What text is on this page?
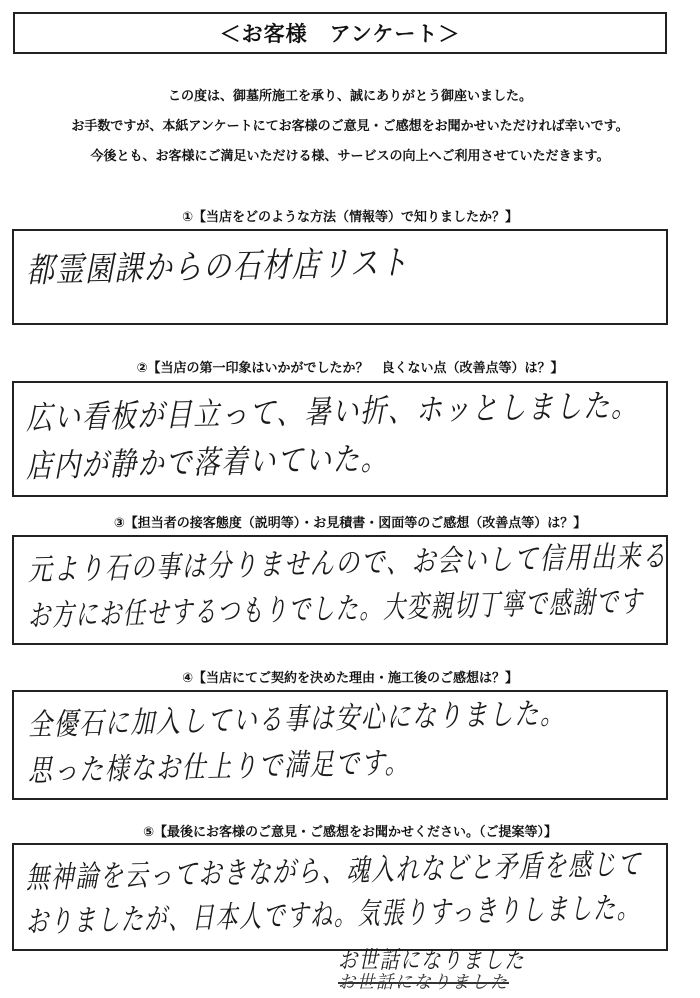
＜お客様　アンケート＞
この度は、御墓所施工を承り、誠にありがとう御座いました。
お手数ですが、本紙アンケートにてお客様のご意見・ご感想をお聞かせいただければ幸いです。
今後とも、お客様にご満足いただける様、サービスの向上へご利用させていただきます。
①【当店をどのような方法（情報等）で知りましたか？】
都霊園課からの石材店リスト
②【当店の第一印象はいかがでしたか？　良くない点（改善点等）は？】
広い看板が目立って、暑い折、ホッとしました。
店内が静かで落着いていた。
③【担当者の接客態度（説明等）・お見積書・図面等のご感想（改善点等）は？】
元より石の事は分りませんので、お会いして信用出来る
お方にお任せするつもりでした。大変親切丁寧で感謝です
④【当店にてご契約を決めた理由・施工後のご感想は？】
全優石に加入している事は安心になりました。
思った様なお仕上りで満足です。
⑤【最後にお客様のご意見・ご感想をお聞かせください。（ご提案等）】
無神論を云っておきながら、魂入れなどと矛盾を感じて
おりましたが、日本人ですね。気張りすっきりしました。
お世話になりました
お世話になりました
